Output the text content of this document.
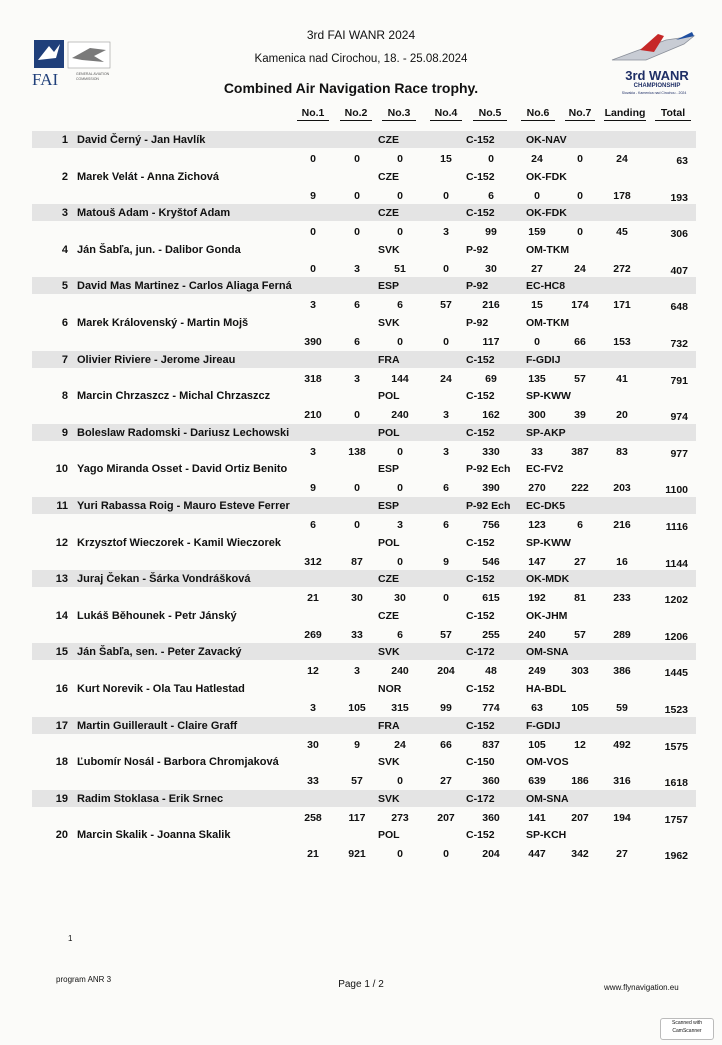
3rd FAI WANR 2024
Kamenica nad Cirochou, 18. - 25.08.2024
Combined Air Navigation Race trophy.
FAI	GENERAL AVIATION COMMISSION	3rd WANR
CHAMPIONSHIP
Slovakia - Kamenica nad Cirochou - 2024
No.1	No.2	No.3	No.4	No.5	No.6	No.7	Landing	Total
1 David Černý - Jan Havlík	CZE	C-152	OK-NAV
0	0	0	15	0	24	0	24	63
2 Marek Velát - Anna Zichová	CZE	C-152	OK-FDK
9	0	0	0	6	0	0	178	193
3 Matouš Adam - Kryštof Adam	CZE	C-152	OK-FDK
0	0	0	3	99	159	0	45	306
4 Ján Šabľa, jun. - Dalibor Gonda	SVK	P-92	OM-TKM
0	3	51	0	30	27	24	272	407
5 David Mas Martinez - Carlos Aliaga Ferná	ESP	P-92	EC-HC8
3	6	6	57	216	15	174	171	648
6 Marek Královenský - Martin Mojš	SVK	P-92	OM-TKM
390	6	0	0	117	0	66	153	732
7 Olivier Riviere - Jerome Jireau	FRA	C-152	F-GDIJ
318	3	144	24	69	135	57	41	791
8 Marcin Chrzaszcz - Michal Chrzaszcz	POL	C-152	SP-KWW
210	0	240	3	162	300	39	20	974
9 Boleslaw Radomski - Dariusz Lechowski	POL	C-152	SP-AKP
3	138	0	3	330	33	387	83	977
10 Yago Miranda Osset - David Ortiz Benito	ESP	P-92 Ech EC-FV2
9	0	0	6	390	270	222	203	1100
11 Yuri Rabassa Roig - Mauro Esteve Ferrer	ESP	P-92 Ech EC-DK5
6	0	3	6	756	123	6	216	1116
12 Krzysztof Wieczorek - Kamil Wieczorek	POL	C-152	SP-KWW
312	87	0	9	546	147	27	16	1144
13 Juraj Čekan - Šárka Vondrášková	CZE	C-152	OK-MDK
21	30	30	0	615	192	81	233	1202
14 Lukáš Běhounek - Petr Jánský	CZE	C-152	OK-JHM
269	33	6	57	255	240	57	289	1206
15 Ján Šabľa, sen. - Peter Zavacký	SVK	C-172	OM-SNA
12	3	240	204	48	249	303	386	1445
16 Kurt Norevik - Ola Tau Hatlestad	NOR	C-152	HA-BDL
3	105	315	99	774	63	105	59	1523
17 Martin Guillerault - Claire Graff	FRA	C-152	F-GDIJ
30	9	24	66	837	105	12	492	1575
18 Ľubomír Nosál - Barbora Chromjaková	SVK	C-150	OM-VOS
33	57	0	27	360	639	186	316	1618
19 Radim Stoklasa - Erik Srnec	SVK	C-172	OM-SNA
258	117	273	207	360	141	207	194	1757
20 Marcin Skalik - Joanna Skalik	POL	C-152	SP-KCH
21	921	0	0	204	447	342	27	1962
1
program ANR 3	Page 1 / 2	www.flynavigation.eu
Scanned with CamScanner
